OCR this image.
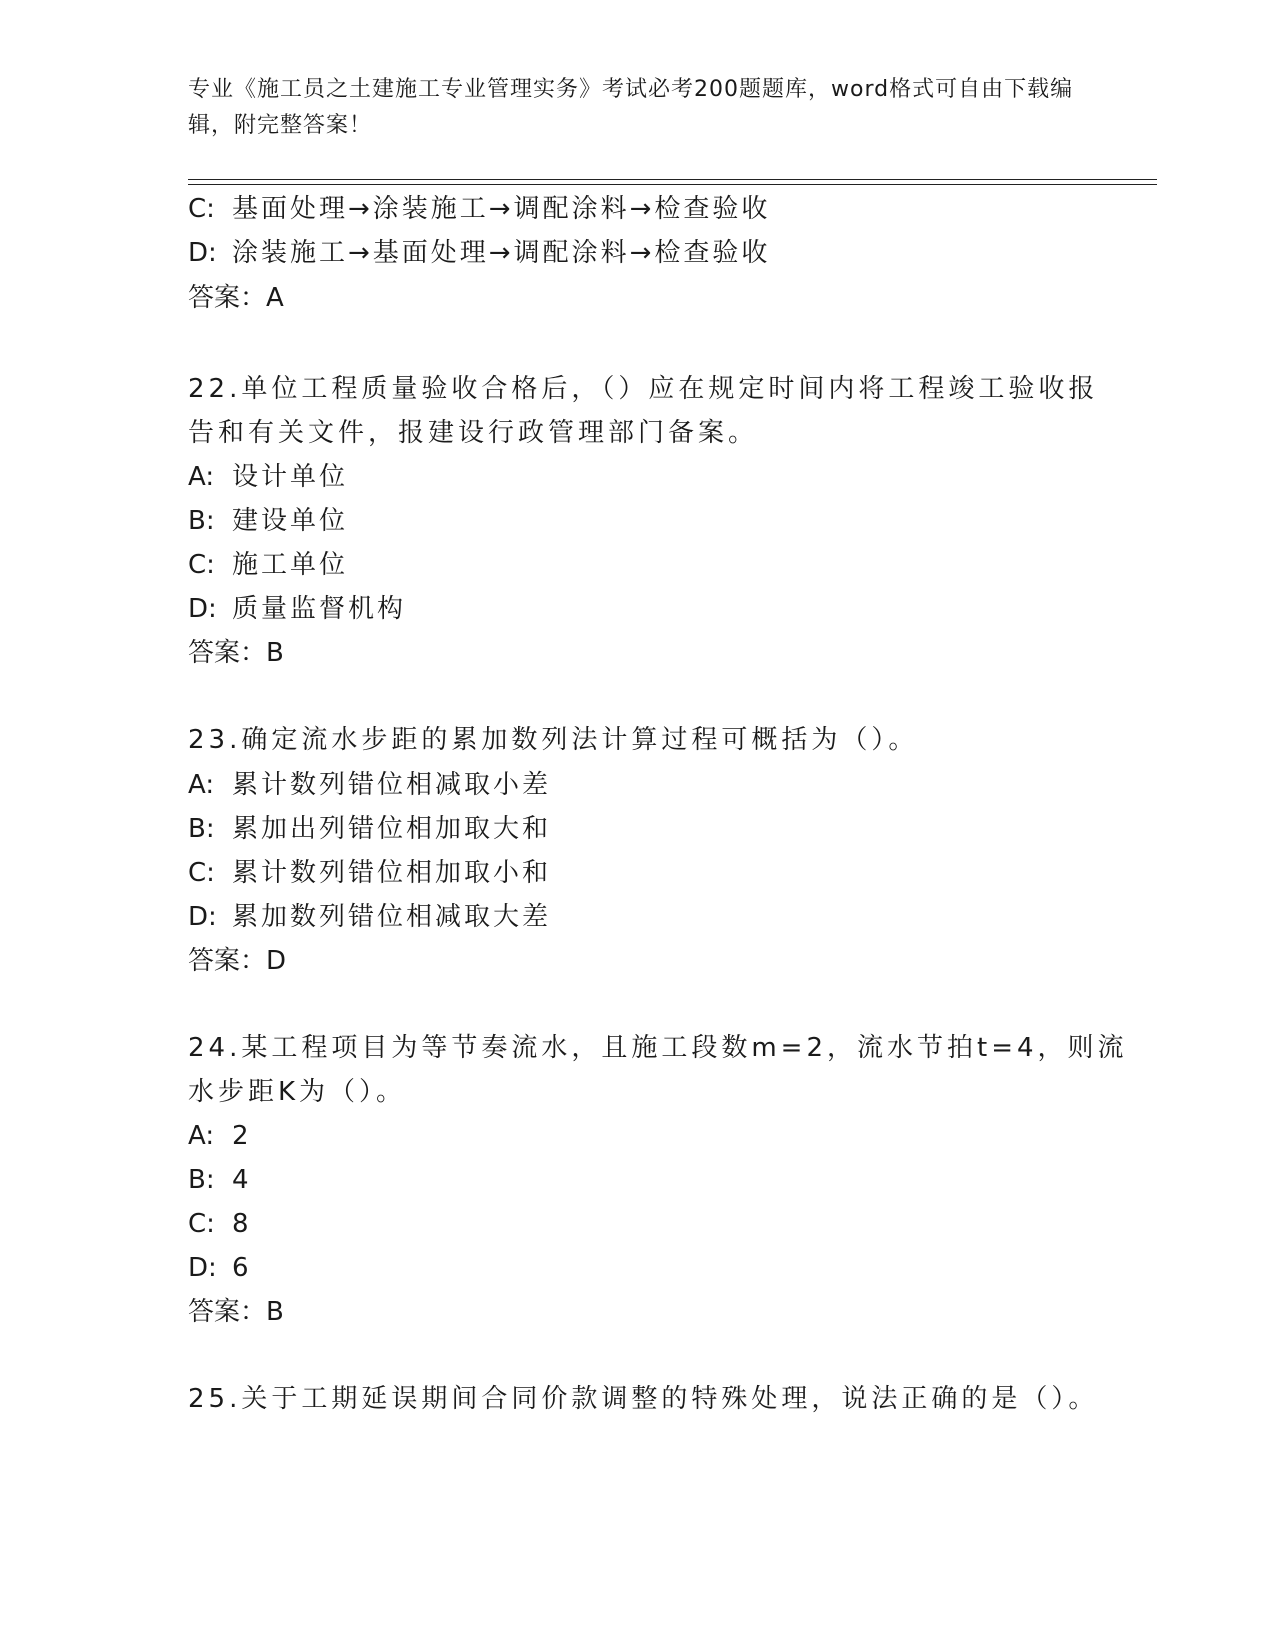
专业《施工员之土建施工专业管理实务》考试必考200题题库，word格式可自由下载编辑，附完整答案！
C: 基面处理→涂装施工→调配涂料→检查验收
D: 涂装施工→基面处理→调配涂料→检查验收
答案：A
22.单位工程质量验收合格后，（）应在规定时间内将工程竣工验收报
告和有关文件，报建设行政管理部门备案。
A: 设计单位
B: 建设单位
C: 施工单位
D: 质量监督机构
答案：B
23.确定流水步距的累加数列法计算过程可概括为（）。
A: 累计数列错位相减取小差
B: 累加出列错位相加取大和
C: 累计数列错位相加取小和
D: 累加数列错位相减取大差
答案：D
24.某工程项目为等节奏流水，且施工段数m=2，流水节拍t=4，则流
水步距K为（）。
A: 2
B: 4
C: 8
D: 6
答案：B
25.关于工期延误期间合同价款调整的特殊处理，说法正确的是（）。
